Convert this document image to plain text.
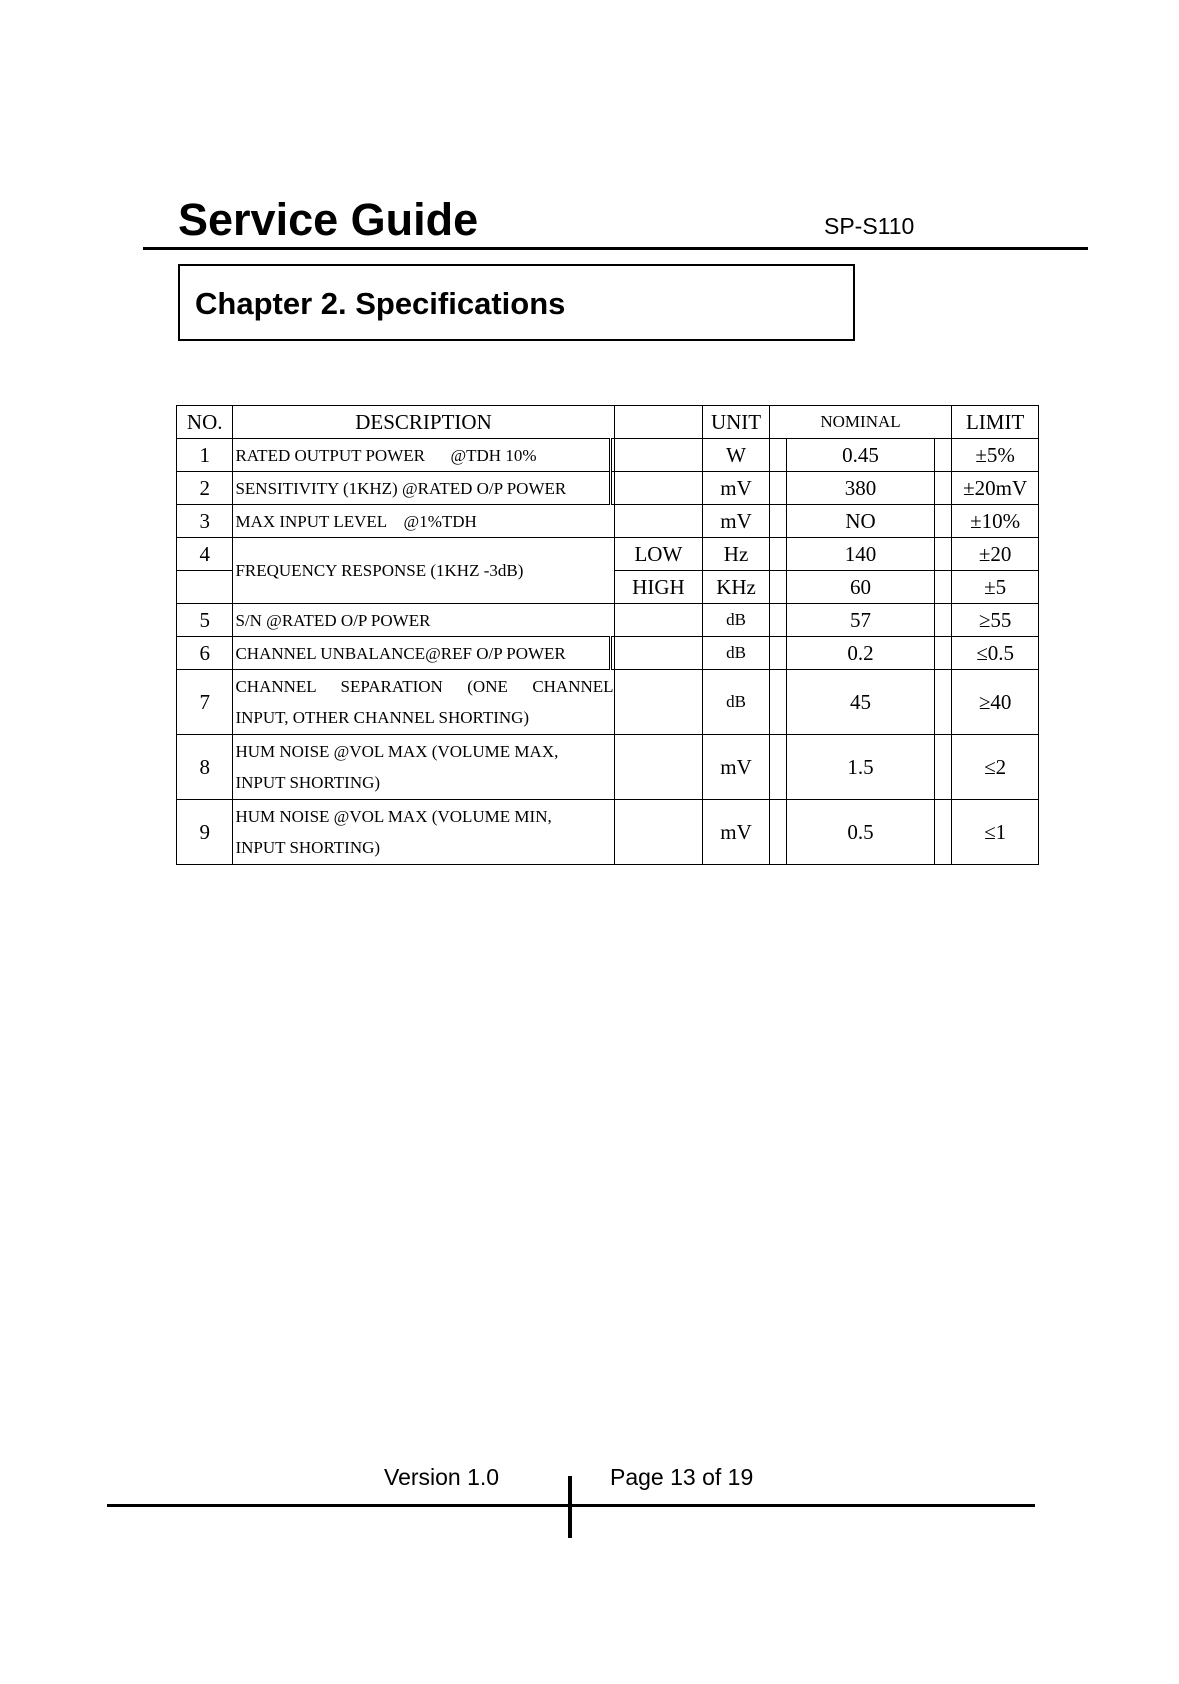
Service Guide	SP-S110
Chapter 2. Specifications
NO.	DESCRIPTION			UNIT	NOMINAL			LIMIT
1	RATED OUTPUT POWER      @TDH 10%			W		0.45		±5%
2	SENSITIVITY (1KHZ) @RATED O/P POWER			mV		380		±20mV
3	MAX INPUT LEVEL    @1%TDH			mV		NO		±10%
4	FREQUENCY RESPONSE (1KHZ -3dB)		LOW	Hz		140		±20
			HIGH	KHz		60		±5
5	S/N @RATED O/P POWER			dB		57		≥55
6	CHANNEL UNBALANCE@REF O/P POWER			dB		0.2		≤0.5
7	CHANNEL SEPARATION (ONE CHANNEL
INPUT, OTHER CHANNEL SHORTING)			dB		45		≥40
8	HUM NOISE @VOL MAX (VOLUME MAX,
INPUT SHORTING)			mV		1.5		≤2
9	HUM NOISE @VOL MAX (VOLUME MIN,
INPUT SHORTING)			mV		0.5		≤1
Version 1.0	Page 13 of 19
